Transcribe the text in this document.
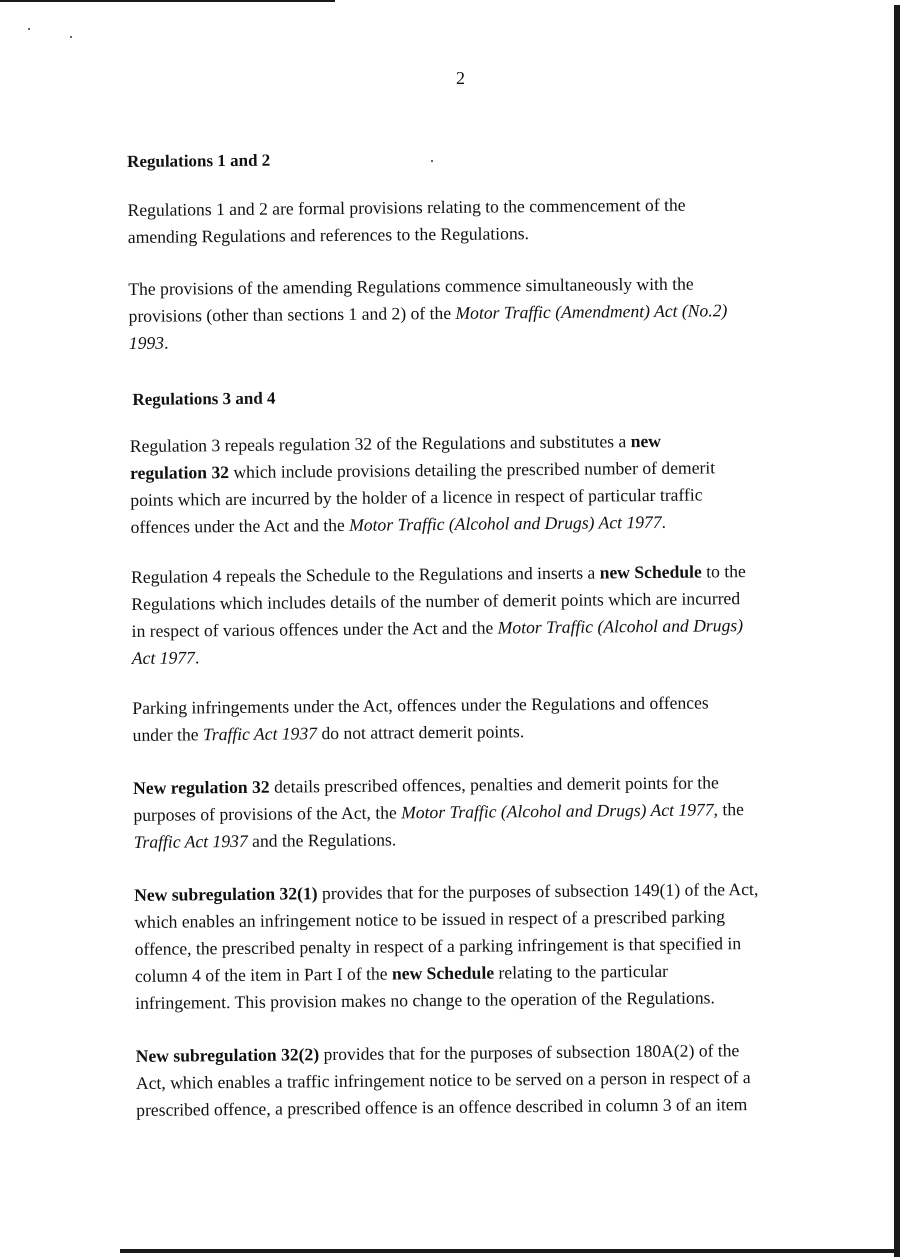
2
Regulations 1 and 2
Regulations 1 and 2 are formal provisions relating to the commencement of the
amending Regulations and references to the Regulations.
The provisions of the amending Regulations commence simultaneously with the
provisions (other than sections 1 and 2) of the Motor Traffic (Amendment) Act (No.2)
1993.
Regulations 3 and 4
Regulation 3 repeals regulation 32 of the Regulations and substitutes a new
regulation 32 which include provisions detailing the prescribed number of demerit
points which are incurred by the holder of a licence in respect of particular traffic
offences under the Act and the Motor Traffic (Alcohol and Drugs) Act 1977.
Regulation 4 repeals the Schedule to the Regulations and inserts a new Schedule to the
Regulations which includes details of the number of demerit points which are incurred
in respect of various offences under the Act and the Motor Traffic (Alcohol and Drugs)
Act 1977.
Parking infringements under the Act, offences under the Regulations and offences
under the Traffic Act 1937 do not attract demerit points.
New regulation 32 details prescribed offences, penalties and demerit points for the
purposes of provisions of the Act, the Motor Traffic (Alcohol and Drugs) Act 1977, the
Traffic Act 1937 and the Regulations.
New subregulation 32(1) provides that for the purposes of subsection 149(1) of the Act,
which enables an infringement notice to be issued in respect of a prescribed parking
offence, the prescribed penalty in respect of a parking infringement is that specified in
column 4 of the item in Part I of the new Schedule relating to the particular
infringement. This provision makes no change to the operation of the Regulations.
New subregulation 32(2) provides that for the purposes of subsection 180A(2) of the
Act, which enables a traffic infringement notice to be served on a person in respect of a
prescribed offence, a prescribed offence is an offence described in column 3 of an item
